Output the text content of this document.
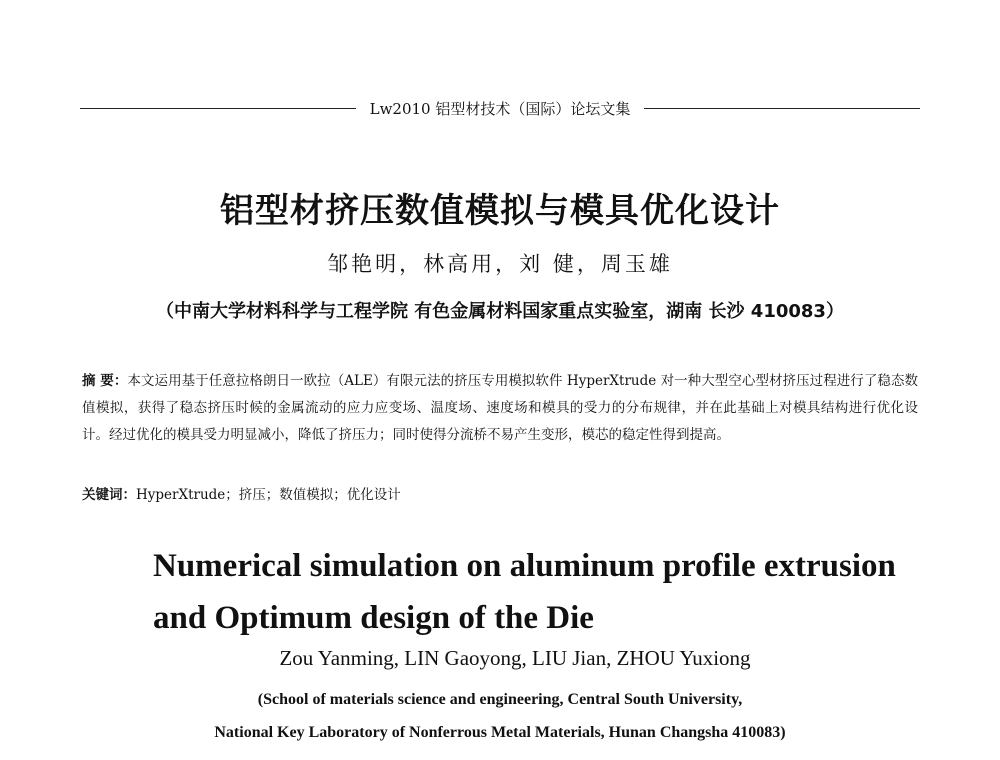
Lw2010 铝型材技术（国际）论坛文集
铝型材挤压数值模拟与模具优化设计
邹艳明，林高用，刘 健，周玉雄
（中南大学材料科学与工程学院 有色金属材料国家重点实验室，湖南 长沙 410083）
摘 要：本文运用基于任意拉格朗日一欧拉（ALE）有限元法的挤压专用模拟软件 HyperXtrude 对一种大型空心型材挤压过程进行了稳态数值模拟，获得了稳态挤压时候的金属流动的应力应变场、温度场、速度场和模具的受力的分布规律，并在此基础上对模具结构进行优化设计。经过优化的模具受力明显减小，降低了挤压力；同时使得分流桥不易产生变形，模芯的稳定性得到提高。
关键词：HyperXtrude；挤压；数值模拟；优化设计
Numerical simulation on aluminum profile extrusion and Optimum design of the Die
Zou Yanming, LIN Gaoyong, LIU Jian, ZHOU Yuxiong
(School of materials science and engineering, Central South University,
National Key Laboratory of Nonferrous Metal Materials, Hunan Changsha 410083)
